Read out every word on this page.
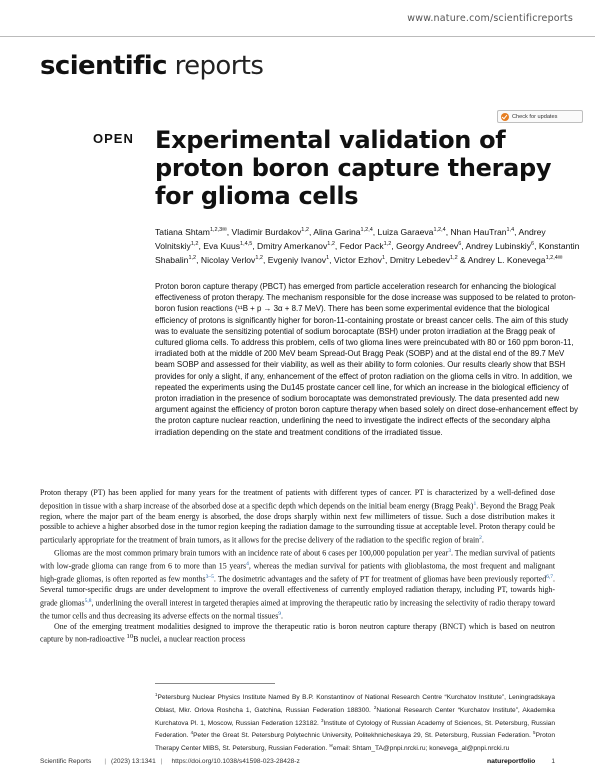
www.nature.com/scientificreports
scientific reports
Check for updates
OPEN Experimental validation of proton boron capture therapy for glioma cells
Tatiana Shtam$^{1,2,3✉}$, Vladimir Burdakov$^{1,2}$, Alina Garina$^{1,2,4}$, Luiza Garaeva$^{1,2,4}$, Nhan HauTran$^{1,4}$, Andrey Volnitskiy$^{1,2}$, Eva Kuus$^{1,4,5}$, Dmitry Amerkanov$^{1,2}$, Fedor Pack$^{1,2}$, Georgy Andreev$^6$, Andrey Lubinskiy$^6$, Konstantin Shabalin$^{1,2}$, Nicolay Verlov$^{1,2}$, Evgeniy Ivanov$^1$, Victor Ezhov$^1$, Dmitry Lebedev$^{1,2}$ & Andrey L. Konevega$^{1,2,4✉}$
Proton boron capture therapy (PBCT) has emerged from particle acceleration research for enhancing the biological effectiveness of proton therapy. The mechanism responsible for the dose increase was supposed to be related to proton-boron fusion reactions (¹¹B + p → 3α + 8.7 MeV). There has been some experimental evidence that the biological efficiency of protons is significantly higher for boron-11-containing prostate or breast cancer cells. The aim of this study was to evaluate the sensitizing potential of sodium borocaptate (BSH) under proton irradiation at the Bragg peak of cultured glioma cells. To address this problem, cells of two glioma lines were preincubated with 80 or 160 ppm boron-11, irradiated both at the middle of 200 MeV beam Spread-Out Bragg Peak (SOBP) and at the distal end of the 89.7 MeV beam SOBP and assessed for their viability, as well as their ability to form colonies. Our results clearly show that BSH provides for only a slight, if any, enhancement of the effect of proton radiation on the glioma cells in vitro. In addition, we repeated the experiments using the Du145 prostate cancer cell line, for which an increase in the biological efficiency of proton irradiation in the presence of sodium borocaptate was demonstrated previously. The data presented add new argument against the efficiency of proton boron capture therapy when based solely on direct dose-enhancement effect by the proton capture nuclear reaction, underlining the need to investigate the indirect effects of the secondary alpha irradiation depending on the state and treatment conditions of the irradiated tissue.

Proton therapy (PT) has been applied for many years for the treatment of patients with different types of cancer. PT is characterized by a well-defined dose deposition in tissue with a sharp increase of the absorbed dose at a specific depth which depends on the initial beam energy (Bragg Peak)$^1$. Beyond the Bragg Peak region, where the major part of the beam energy is absorbed, the dose drops sharply within next few millimeters of tissue. Such a dose distribution makes it possible to achieve a higher absorbed dose in the tumor region keeping the radiation damage to the surrounding tissue at acceptable level. Proton therapy could be particularly appropriate for the treatment of brain tumors, as it allows for the precise delivery of the radiation to the specific region of brain$^2$.

Gliomas are the most common primary brain tumors with an incidence rate of about 6 cases per 100,000 population per year$^3$. The median survival of patients with low-grade glioma can range from 6 to more than 15 years$^4$, whereas the median survival for patients with glioblastoma, the most frequent and malignant high-grade gliomas, is often reported as few months$^{3-5}$. The dosimetric advantages and the safety of PT for treatment of gliomas have been previously reported$^{6,7}$. Several tumor-specific drugs are under development to improve the overall effectiveness of currently employed radiation therapy, including PT, towards high-grade gliomas$^{5,8}$, underlining the overall interest in targeted therapies aimed at improving the therapeutic ratio by increasing the selectivity of radio therapy toward the tumor cells and thus decreasing its adverse effects on the normal tissues$^9$.

One of the emerging treatment modalities designed to improve the therapeutic ratio is boron neutron capture therapy (BNCT) which is based on neutron capture by non-radioactive $^{10}$B nuclei, a nuclear reaction process

$^1$Petersburg Nuclear Physics Institute Named By B.P. Konstantinov of National Research Centre “Kurchatov Institute”, Leningradskaya Oblast, Mkr. Orlova Roshcha 1, Gatchina, Russian Federation 188300. $^2$National Research Center “Kurchatov Institute”, Akademika Kurchatova Pl. 1, Moscow, Russian Federation 123182. $^3$Institute of Cytology of Russian Academy of Sciences, St. Petersburg, Russian Federation. $^4$Peter the Great St. Petersburg Polytechnic University, Politekhnicheskaya 29, St. Petersburg, Russian Federation. $^5$Proton Therapy Center MIBS, St. Petersburg, Russian Federation. ✉email: Shtam_TA@pnpi.nrcki.ru; konevega_al@pnpi.nrcki.ru
Scientific Reports | (2023) 13:1341 | https://doi.org/10.1038/s41598-023-28428-z	natureportfolio 1
